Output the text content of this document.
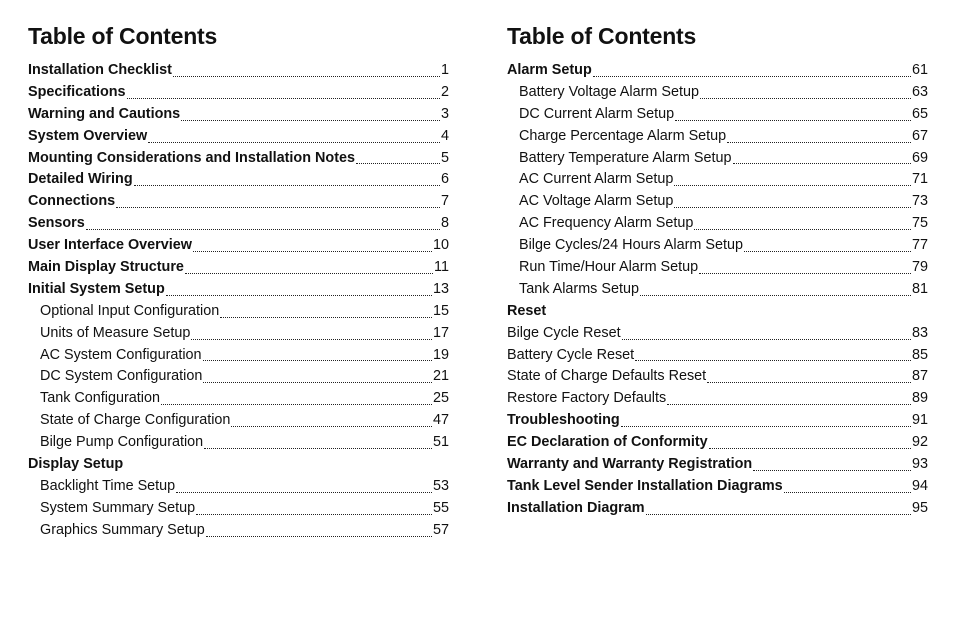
Table of Contents
Installation Checklist	1
Specifications	2
Warning and Cautions	3
System Overview	4
Mounting Considerations and Installation Notes	5
Detailed Wiring	6
Connections	7
Sensors	8
User Interface Overview	10
Main Display Structure	11
Initial System Setup	13
Optional Input Configuration	15
Units of Measure Setup	17
AC System Configuration	19
DC System Configuration	21
Tank Configuration	25
State of Charge Configuration	47
Bilge Pump Configuration	51
Display Setup
Backlight Time Setup	53
System Summary Setup	55
Graphics Summary Setup	57
Table of Contents
Alarm Setup	61
Battery Voltage Alarm Setup	63
DC Current Alarm Setup	65
Charge Percentage Alarm Setup	67
Battery Temperature Alarm Setup	69
AC Current Alarm Setup	71
AC Voltage Alarm Setup	73
AC Frequency Alarm Setup	75
Bilge Cycles/24 Hours Alarm Setup	77
Run Time/Hour Alarm Setup	79
Tank Alarms Setup	81
Reset
Bilge Cycle Reset	83
Battery Cycle Reset	85
State of Charge Defaults Reset	87
Restore Factory Defaults	89
Troubleshooting	91
EC Declaration of Conformity	92
Warranty and Warranty Registration	93
Tank Level Sender Installation Diagrams	94
Installation Diagram	95
